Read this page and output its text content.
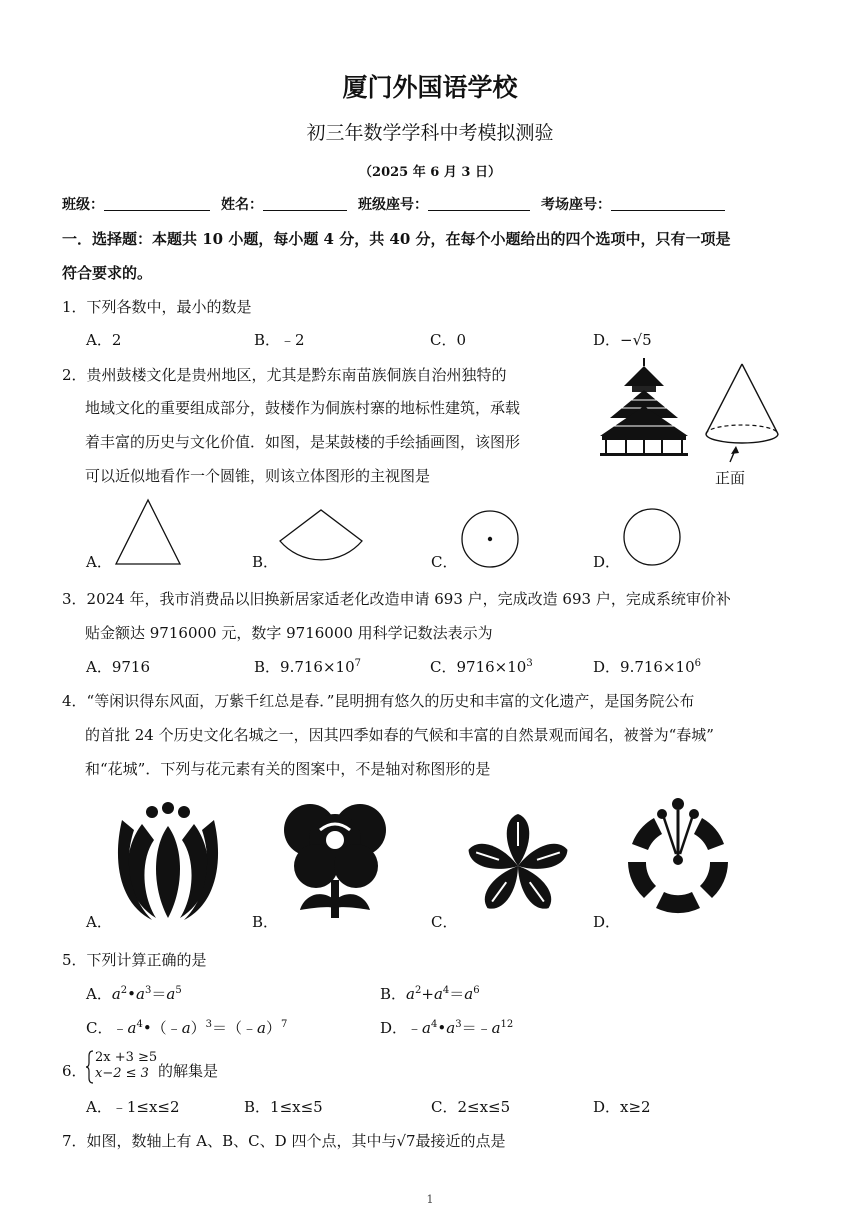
厦门外国语学校
初三年数学学科中考模拟测验
（2025 年 6 月 3 日）
班级：	姓名：	班级座号：	考场座号：
一．选择题：本题共 10 小题，每小题 4 分，共 40 分，在每个小题给出的四个选项中，只有一项是
符合要求的。
1．下列各数中，最小的数是
A．2	B．﹣2	C．0	D．−√5
2．贵州鼓楼文化是贵州地区，尤其是黔东南苗族侗族自治州独特的
地域文化的重要组成部分，鼓楼作为侗族村寨的地标性建筑，承载
着丰富的历史与文化价值．如图，是某鼓楼的手绘插画图，该图形
可以近似地看作一个圆锥，则该立体图形的主视图是	正面
A．	B．	C．	D．
3．2024 年，我市消费品以旧换新居家适老化改造申请 693 户，完成改造 693 户，完成系统审价补
贴金额达 9716000 元，数字 9716000 用科学记数法表示为
A．9716	B．$9.716\times 10^7$	C．$9716\times 10^3$	D．$9.716\times 10^6$
4．“等闲识得东风面，万紫千红总是春．”昆明拥有悠久的历史和丰富的文化遗产，是国务院公布
的首批 24 个历史文化名城之一，因其四季如春的气候和丰富的自然景观而闻名，被誉为“春城”
和“花城”．下列与花元素有关的图案中，不是轴对称图形的是
A．	B．	C．	D．
5．下列计算正确的是
A．$a^2•a^3=a^5$	B．$a^2+a^4=a^6$
C．$﹣a^4•(﹣a)^3=(﹣a)^7$	D．$﹣a^4•a^3=﹣a^{12}$
6．
2x +3 ≥5
x−2 ≤ 3 的解集是
A．﹣1≤x≤2	B．1≤x≤5	C．2≤x≤5	D．x≥2
7．如图，数轴上有 A、B、C、D 四个点，其中与√7最接近的点是
1
